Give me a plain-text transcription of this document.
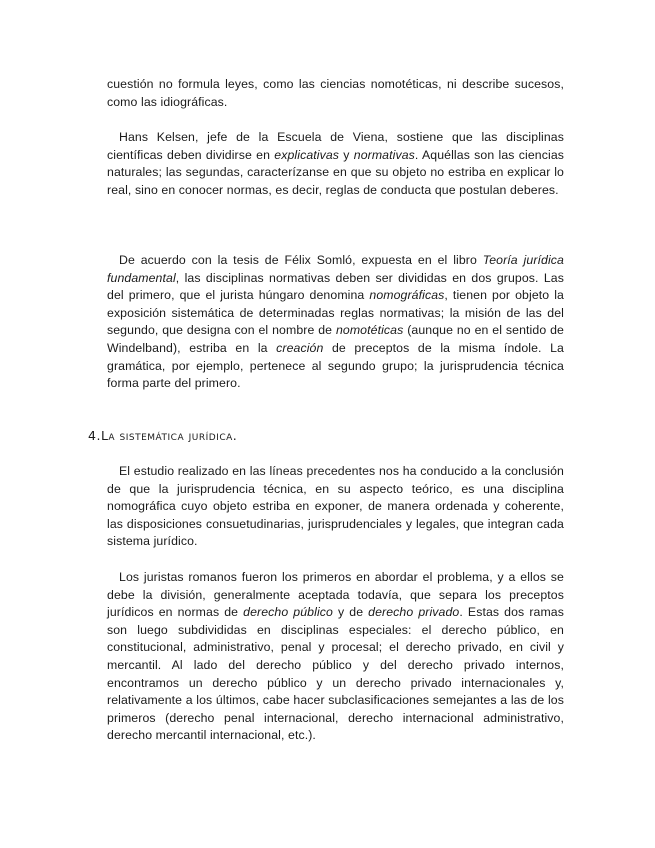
cuestión no formula leyes, como las ciencias nomotéticas, ni describe sucesos, como las idiográficas.

Hans Kelsen, jefe de la Escuela de Viena, sostiene que las disciplinas científicas deben dividirse en explicativas y normativas. Aquéllas son las ciencias naturales; las segundas, caracterízanse en que su objeto no estriba en explicar lo real, sino en conocer normas, es decir, reglas de conducta que postulan deberes.

De acuerdo con la tesis de Félix Somló, expuesta en el libro Teoría jurídica fundamental, las disciplinas normativas deben ser divididas en dos grupos. Las del primero, que el jurista húngaro denomina nomográficas, tienen por objeto la exposición sistemática de determinadas reglas normativas; la misión de las del segundo, que designa con el nombre de nomotéticas (aunque no en el sentido de Windelband), estriba en la creación de preceptos de la misma índole. La gramática, por ejemplo, pertenece al segundo grupo; la jurisprudencia técnica forma parte del primero.

4.La sistemática jurídica.

El estudio realizado en las líneas precedentes nos ha conducido a la conclusión de que la jurisprudencia técnica, en su aspecto teórico, es una disciplina nomográfica cuyo objeto estriba en exponer, de manera ordenada y coherente, las disposiciones consuetudinarias, jurisprudenciales y legales, que integran cada sistema jurídico.

Los juristas romanos fueron los primeros en abordar el problema, y a ellos se debe la división, generalmente aceptada todavía, que separa los preceptos jurídicos en normas de derecho público y de derecho privado. Estas dos ramas son luego subdivididas en disciplinas especiales: el derecho público, en constitucional, administrativo, penal y procesal; el derecho privado, en civil y mercantil. Al lado del derecho público y del derecho privado internos, encontramos un derecho público y un derecho privado internacionales y, relativamente a los últimos, cabe hacer subclasificaciones semejantes a las de los primeros (derecho penal internacional, derecho internacional administrativo, derecho mercantil internacional, etc.).
